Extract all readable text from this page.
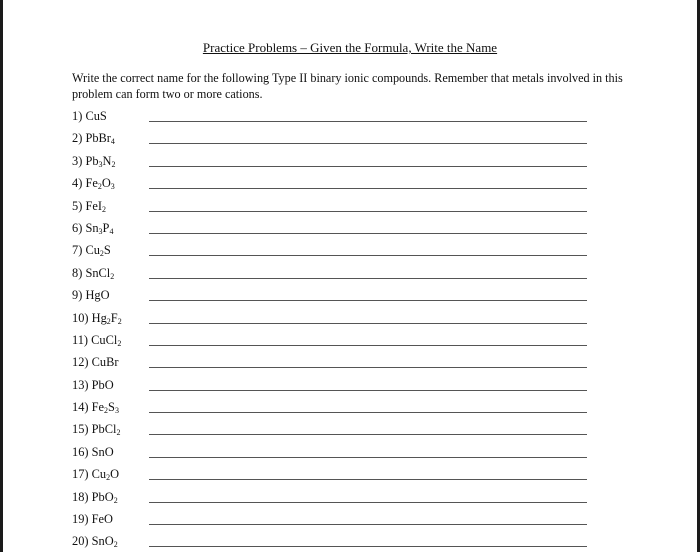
Practice Problems – Given the Formula, Write the Name
Write the correct name for the following Type II binary ionic compounds. Remember that metals involved in this problem can form two or more cations.
1) CuS
2) PbBr$_4$
3) $Pb_3N_2$
4) $Fe_2O_3$
5) FeI$_2$
6) $Sn_3P_4$
7) $Cu_2S$
8) SnCl$_2$
9) HgO
10) $Hg_2F_2$
11) CuCl$_2$
12) CuBr
13) PbO
14) $Fe_2S_3$
15) PbCl$_2$
16) SnO
17) $Cu_2O$
18) PbO$_2$
19) FeO
20) SnO$_2$
